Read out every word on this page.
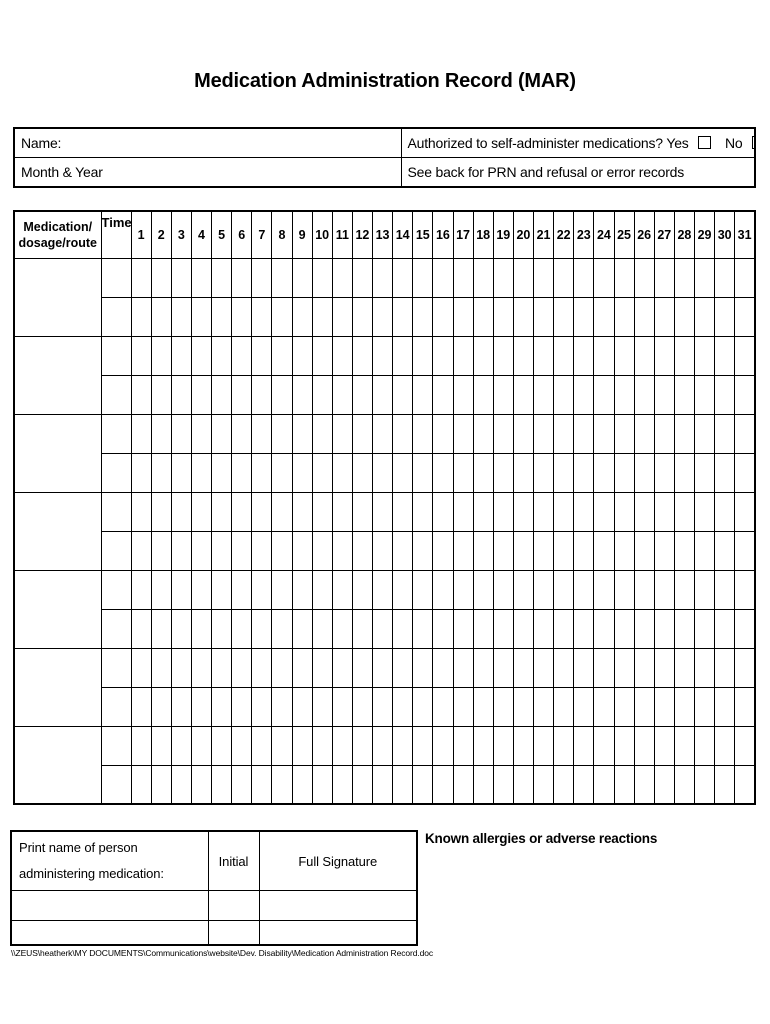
Medication Administration Record (MAR)
Name:	Authorized to self-administer medications? Yes No
Month & Year	See back for PRN and refusal or error records
Medication/
dosage/route	Time	1	2	3	4	5	6	7	8	9	10	11	12	13	14	15	16	17	18	19	20	21	22	23	24	25	26	27	28	29	30	31

Print name of person administering medication:	Initial	Full Signature

Known allergies or adverse reactions
\\ZEUS\heatherk\MY DOCUMENTS\Communications\website\Dev. Disability\Medication Administration Record.doc
